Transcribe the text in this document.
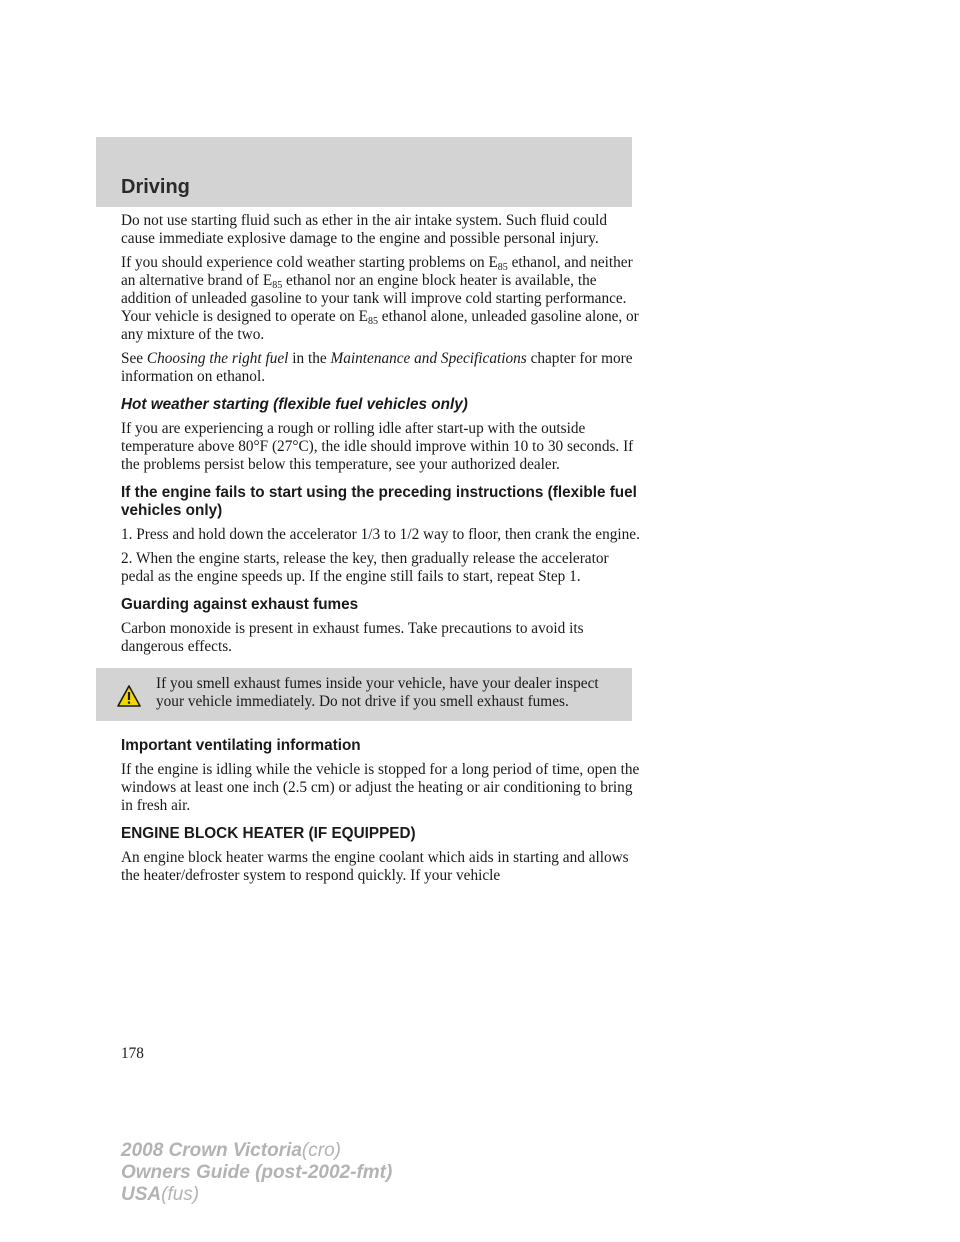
Driving

Do not use starting fluid such as ether in the air intake system. Such fluid could cause immediate explosive damage to the engine and possible personal injury.

If you should experience cold weather starting problems on $E_{85}$ ethanol, and neither an alternative brand of $E_{85}$ ethanol nor an engine block heater is available, the addition of unleaded gasoline to your tank will improve cold starting performance. Your vehicle is designed to operate on $E_{85}$ ethanol alone, unleaded gasoline alone, or any mixture of the two.

See Choosing the right fuel in the Maintenance and Specifications chapter for more information on ethanol.

Hot weather starting (flexible fuel vehicles only)

If you are experiencing a rough or rolling idle after start-up with the outside temperature above 80°F (27°C), the idle should improve within 10 to 30 seconds. If the problems persist below this temperature, see your authorized dealer.

If the engine fails to start using the preceding instructions (flexible fuel vehicles only)

1. Press and hold down the accelerator 1/3 to 1/2 way to floor, then crank the engine.

2. When the engine starts, release the key, then gradually release the accelerator pedal as the engine speeds up. If the engine still fails to start, repeat Step 1.

Guarding against exhaust fumes

Carbon monoxide is present in exhaust fumes. Take precautions to avoid its dangerous effects.

If you smell exhaust fumes inside your vehicle, have your dealer inspect your vehicle immediately. Do not drive if you smell exhaust fumes.
Important ventilating information

If the engine is idling while the vehicle is stopped for a long period of time, open the windows at least one inch (2.5 cm) or adjust the heating or air conditioning to bring in fresh air.

ENGINE BLOCK HEATER (IF EQUIPPED)

An engine block heater warms the engine coolant which aids in starting and allows the heater/defroster system to respond quickly. If your vehicle

178
2008 Crown Victoria(cro)
Owners Guide (post-2002-fmt)
USA(fus)
